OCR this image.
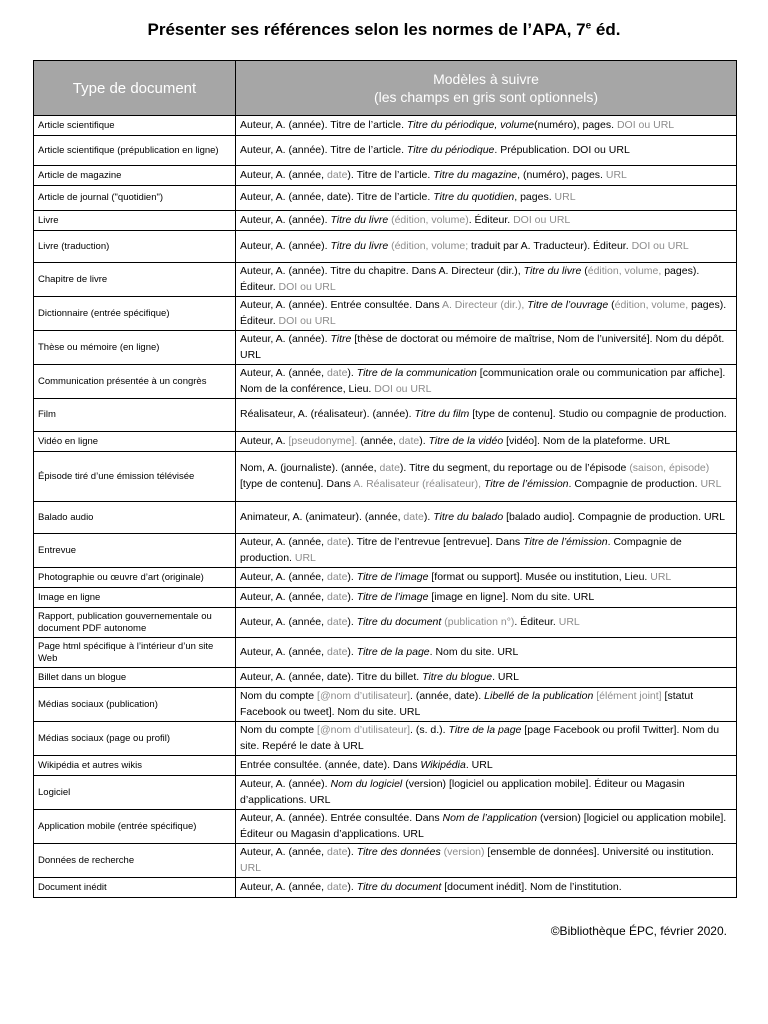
Présenter ses références selon les normes de l’APA, 7e éd.
Type de document	Modèles à suivre
(les champs en gris sont optionnels)
Article scientifique	Auteur, A. (année). Titre de l’article. Titre du périodique, volume(numéro), pages. DOI ou URL
Article scientifique (prépublication en ligne)	Auteur, A. (année). Titre de l’article. Titre du périodique. Prépublication. DOI ou URL
Article de magazine	Auteur, A. (année, date). Titre de l’article. Titre du magazine, (numéro), pages. URL
Article de journal ("quotidien")	Auteur, A. (année, date). Titre de l’article. Titre du quotidien, pages. URL
Livre	Auteur, A. (année). Titre du livre (édition, volume). Éditeur. DOI ou URL
Livre (traduction)	Auteur, A. (année). Titre du livre (édition, volume; traduit par A. Traducteur). Éditeur. DOI ou URL
Chapitre de livre	Auteur, A. (année). Titre du chapitre. Dans A. Directeur (dir.), Titre du livre (édition, volume, pages). Éditeur. DOI ou URL
Dictionnaire (entrée spécifique)	Auteur, A. (année). Entrée consultée. Dans A. Directeur (dir.), Titre de l’ouvrage (édition, volume, pages). Éditeur. DOI ou URL
Thèse ou mémoire (en ligne)	Auteur, A. (année). Titre [thèse de doctorat ou mémoire de maîtrise, Nom de l’université]. Nom du dépôt. URL
Communication présentée à un congrès	Auteur, A. (année, date). Titre de la communication [communication orale ou communication par affiche]. Nom de la conférence, Lieu. DOI ou URL
Film	Réalisateur, A. (réalisateur). (année). Titre du film [type de contenu]. Studio ou compagnie de production.
Vidéo en ligne	Auteur, A. [pseudonyme]. (année, date). Titre de la vidéo [vidéo]. Nom de la plateforme. URL
Épisode tiré d’une émission télévisée	Nom, A. (journaliste). (année, date). Titre du segment, du reportage ou de l’épisode (saison, épisode) [type de contenu]. Dans A. Réalisateur (réalisateur), Titre de l’émission. Compagnie de production. URL
Balado audio	Animateur, A. (animateur). (année, date). Titre du balado [balado audio]. Compagnie de production. URL
Entrevue	Auteur, A. (année, date). Titre de l’entrevue [entrevue]. Dans Titre de l’émission. Compagnie de production. URL
Photographie ou œuvre d’art (originale)	Auteur, A. (année, date). Titre de l’image [format ou support]. Musée ou institution, Lieu. URL
Image en ligne	Auteur, A. (année, date). Titre de l’image [image en ligne]. Nom du site. URL
Rapport, publication gouvernementale ou document PDF autonome	Auteur, A. (année, date). Titre du document (publication n°). Éditeur. URL
Page html spécifique à l’intérieur d’un site Web	Auteur, A. (année, date). Titre de la page. Nom du site. URL
Billet dans un blogue	Auteur, A. (année, date). Titre du billet. Titre du blogue. URL
Médias sociaux (publication)	Nom du compte [@nom d’utilisateur]. (année, date). Libellé de la publication [élément joint] [statut Facebook ou tweet]. Nom du site. URL
Médias sociaux (page ou profil)	Nom du compte [@nom d’utilisateur]. (s. d.). Titre de la page [page Facebook ou profil Twitter]. Nom du site. Repéré le date à URL
Wikipédia et autres wikis	Entrée consultée. (année, date). Dans Wikipédia. URL
Logiciel	Auteur, A. (année). Nom du logiciel (version) [logiciel ou application mobile]. Éditeur ou Magasin d’applications. URL
Application mobile (entrée spécifique)	Auteur, A. (année). Entrée consultée. Dans Nom de l’application (version) [logiciel ou application mobile]. Éditeur ou Magasin d’applications. URL
Données de recherche	Auteur, A. (année, date). Titre des données (version) [ensemble de données]. Université ou institution. URL
Document inédit	Auteur, A. (année, date). Titre du document [document inédit]. Nom de l’institution.
©Bibliothèque ÉPC, février 2020.
